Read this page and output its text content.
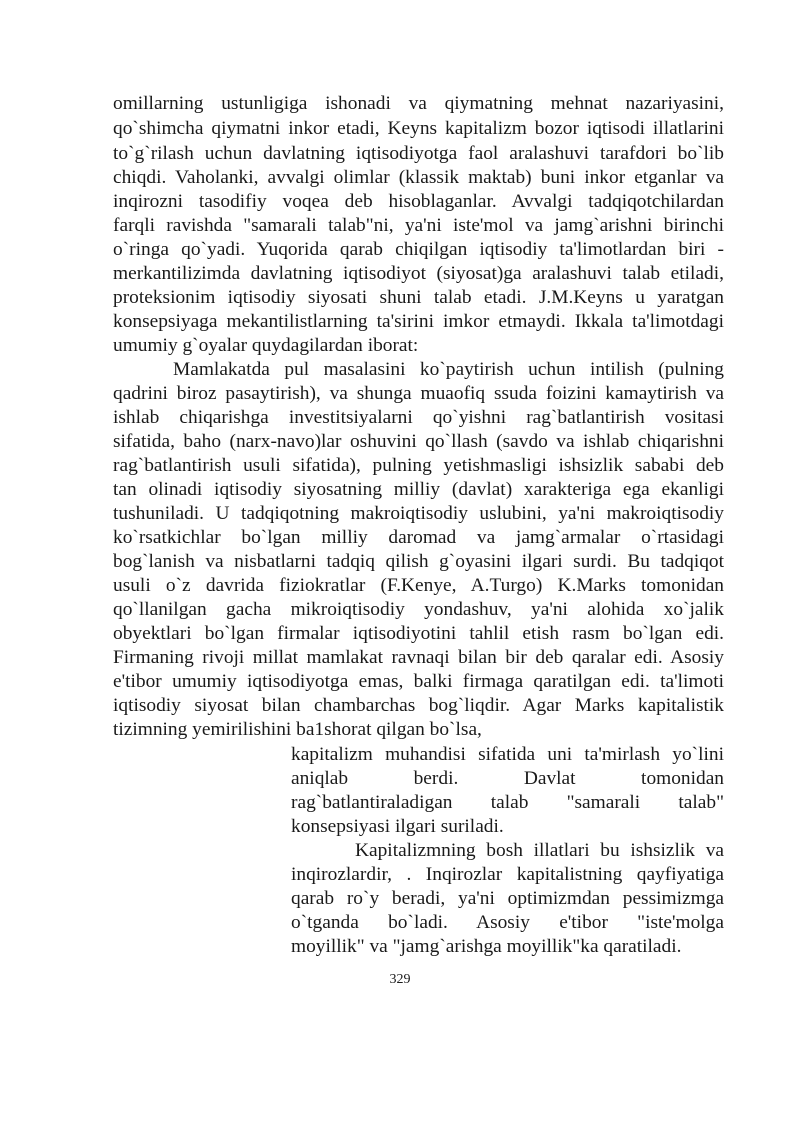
omillarning ustunligiga ishonadi va qiymatning mehnat nazariyasini,
qo`shimcha qiymatni inkor etadi, Keyns kapitalizm bozor iqtisodi illatlarini
to`g`rilash uchun davlatning iqtisodiyotga faol aralashuvi tarafdori bo`lib
chiqdi. Vaholanki, avvalgi olimlar (klassik maktab) buni inkor etganlar va
inqirozni tasodifiy voqea deb hisoblaganlar. Avvalgi tadqiqotchilardan
farqli ravishda "samarali talab"ni, ya'ni iste'mol va jamg`arishni birinchi
o`ringa qo`yadi. Yuqorida qarab chiqilgan iqtisodiy ta'limotlardan biri -
merkantilizimda davlatning iqtisodiyot (siyosat)ga aralashuvi talab etiladi,
proteksionim iqtisodiy siyosati shuni talab etadi. J.M.Keyns u yaratgan
konsepsiyaga mekantilistlarning ta'sirini imkor etmaydi. Ikkala ta'limotdagi
umumiy g`oyalar quydagilardan iborat:
Mamlakatda pul masalasini ko`paytirish uchun intilish (pulning
qadrini biroz pasaytirish), va shunga muaofiq ssuda foizini kamaytirish va
ishlab chiqarishga investitsiyalarni qo`yishni rag`batlantirish vositasi
sifatida, baho (narx-navo)lar oshuvini qo`llash (savdo va ishlab chiqarishni
rag`batlantirish usuli sifatida), pulning yetishmasligi ishsizlik sababi deb
tan olinadi iqtisodiy siyosatning milliy (davlat) xarakteriga ega ekanligi
tushuniladi. U tadqiqotning makroiqtisodiy uslubini, ya'ni makroiqtisodiy
ko`rsatkichlar bo`lgan milliy daromad va jamg`armalar o`rtasidagi
bog`lanish va nisbatlarni tadqiq qilish g`oyasini ilgari surdi. Bu tadqiqot
usuli o`z davrida fiziokratlar (F.Kenye, A.Turgo) K.Marks tomonidan
qo`llanilgan gacha mikroiqtisodiy yondashuv, ya'ni alohida xo`jalik
obyektlari bo`lgan firmalar iqtisodiyotini tahlil etish rasm bo`lgan edi.
Firmaning rivoji millat mamlakat ravnaqi bilan bir deb qaralar edi. Asosiy
e'tibor umumiy iqtisodiyotga emas, balki firmaga qaratilgan edi. ta'limoti
iqtisodiy siyosat bilan chambarchas bog`liqdir. Agar Marks kapitalistik
tizimning yemirilishini ba1shorat qilgan bo`lsa,
kapitalizm muhandisi sifatida uni ta'mirlash yo`lini
aniqlab berdi. Davlat tomonidan
rag`batlantiraladigan talab "samarali talab"
konsepsiyasi ilgari suriladi.
Kapitalizmning bosh illatlari bu ishsizlik va
inqirozlardir, . Inqirozlar kapitalistning qayfiyatiga
qarab ro`y beradi, ya'ni optimizmdan pessimizmga
o`tganda bo`ladi. Asosiy e'tibor "iste'molga
moyillik" va "jamg`arishga moyillik"ka qaratiladi.
329
